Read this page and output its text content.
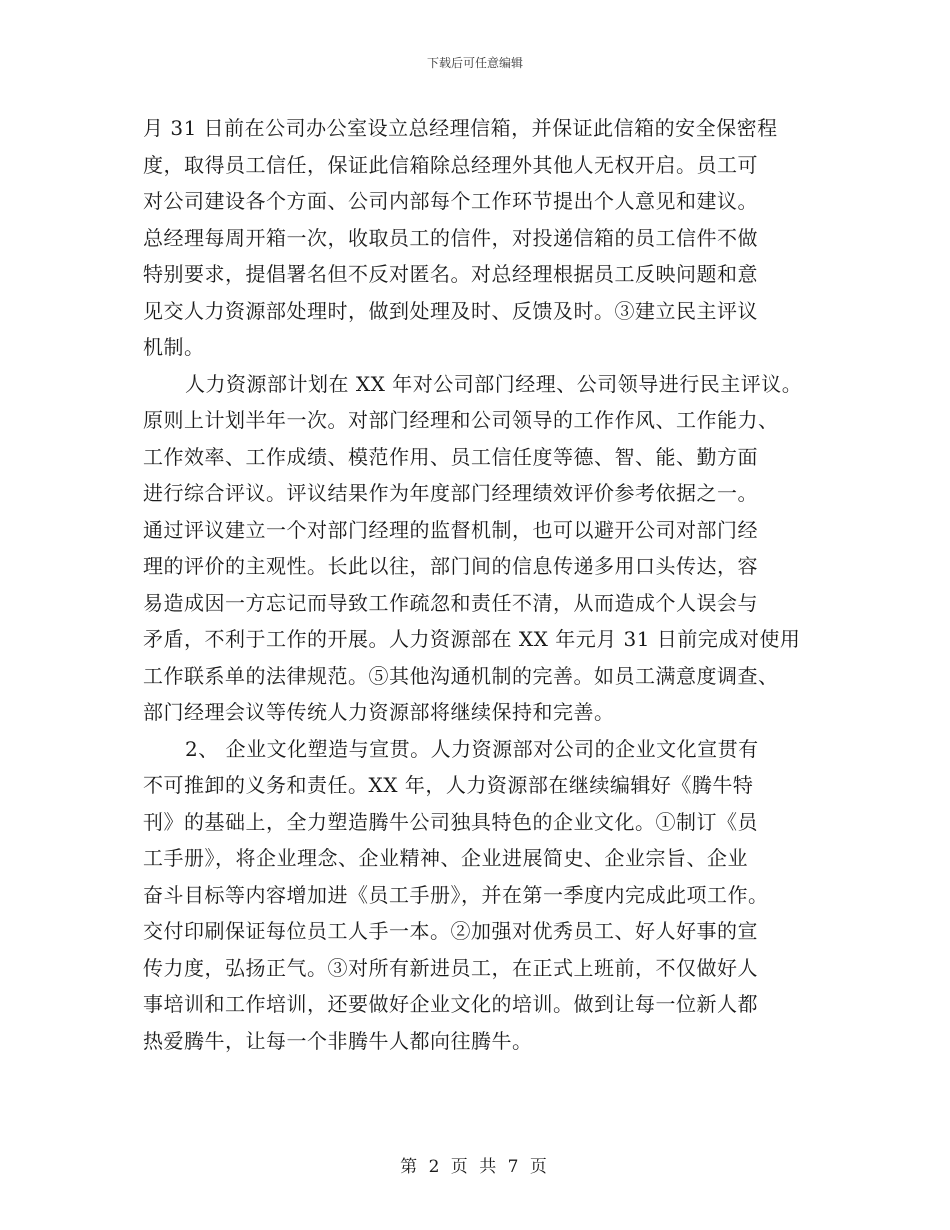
下载后可任意编辑
月 31 日前在公司办公室设立总经理信箱，并保证此信箱的安全保密程
度，取得员工信任，保证此信箱除总经理外其他人无权开启。员工可
对公司建设各个方面、公司内部每个工作环节提出个人意见和建议。
总经理每周开箱一次，收取员工的信件，对投递信箱的员工信件不做
特别要求，提倡署名但不反对匿名。对总经理根据员工反映问题和意
见交人力资源部处理时，做到处理及时、反馈及时。③建立民主评议
机制。
人力资源部计划在 XX 年对公司部门经理、公司领导进行民主评议。
原则上计划半年一次。对部门经理和公司领导的工作作风、工作能力、
工作效率、工作成绩、模范作用、员工信任度等德、智、能、勤方面
进行综合评议。评议结果作为年度部门经理绩效评价参考依据之一。
通过评议建立一个对部门经理的监督机制，也可以避开公司对部门经
理的评价的主观性。长此以往，部门间的信息传递多用口头传达，容
易造成因一方忘记而导致工作疏忽和责任不清，从而造成个人误会与
矛盾，不利于工作的开展。人力资源部在 XX 年元月 31 日前完成对使用
工作联系单的法律规范。⑤其他沟通机制的完善。如员工满意度调查、
部门经理会议等传统人力资源部将继续保持和完善。
2、 企业文化塑造与宣贯。人力资源部对公司的企业文化宣贯有
不可推卸的义务和责任。XX 年，人力资源部在继续编辑好《腾牛特
刊》的基础上，全力塑造腾牛公司独具特色的企业文化。①制订《员
工手册》，将企业理念、企业精神、企业进展简史、企业宗旨、企业
奋斗目标等内容增加进《员工手册》，并在第一季度内完成此项工作。
交付印刷保证每位员工人手一本。②加强对优秀员工、好人好事的宣
传力度，弘扬正气。③对所有新进员工，在正式上班前，不仅做好人
事培训和工作培训，还要做好企业文化的培训。做到让每一位新人都
热爱腾牛，让每一个非腾牛人都向往腾牛。
第 2 页 共 7 页
